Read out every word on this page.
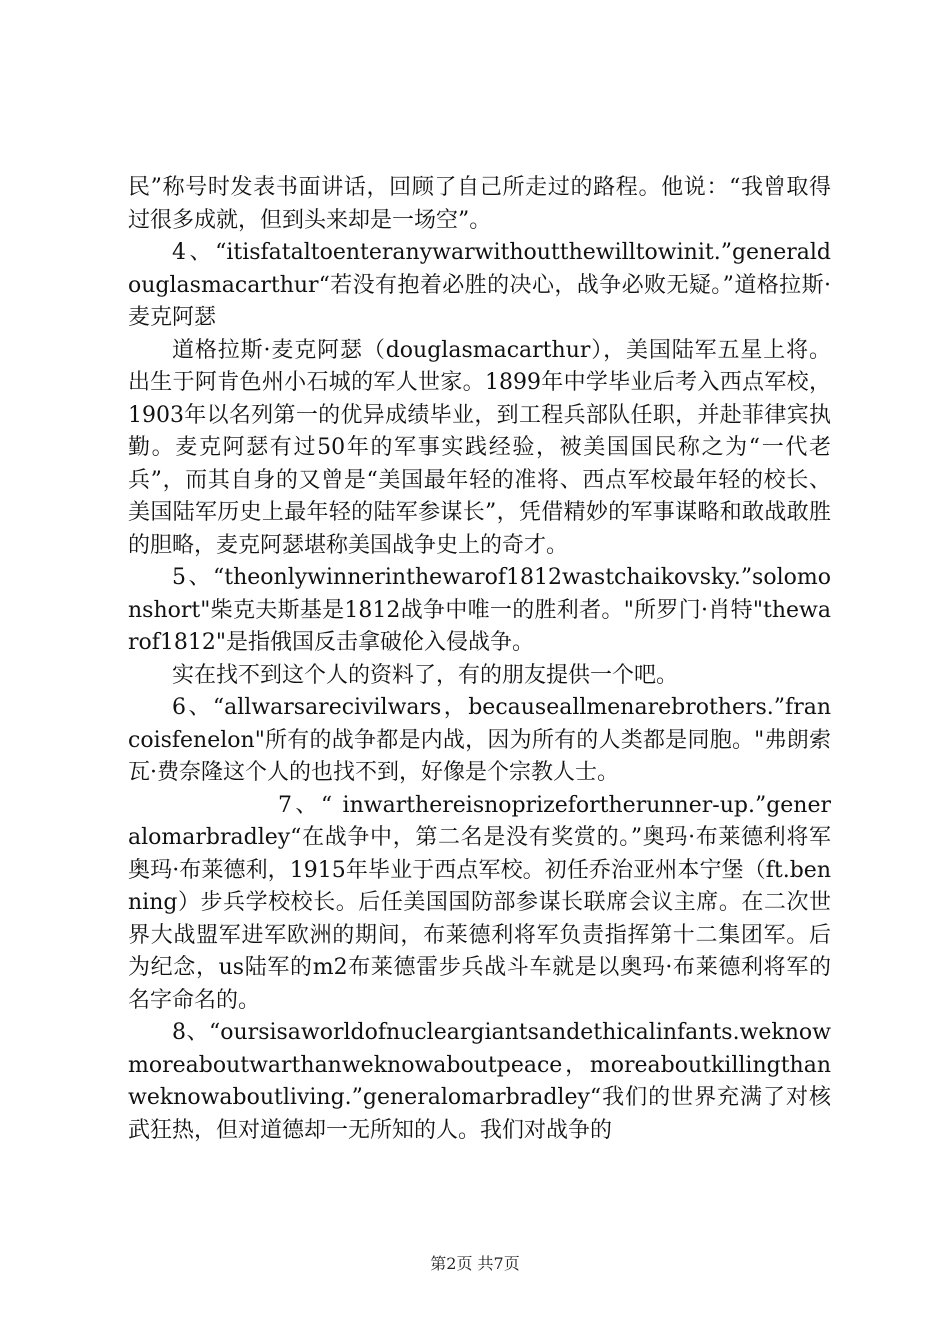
民”称号时发表书面讲话，回顾了自己所走过的路程。他说：“我曾取得过很多成就，但到头来却是一场空”。

4、“itisfataltoenteranywarwithoutthewilltowinit.”generaldouglasmacarthur“若没有抱着必胜的决心，战争必败无疑。”道格拉斯·麦克阿瑟

道格拉斯·麦克阿瑟（douglasmacarthur），美国陆军五星上将。出生于阿肯色州小石城的军人世家。1899年中学毕业后考入西点军校，1903年以名列第一的优异成绩毕业，到工程兵部队任职，并赴菲律宾执勤。麦克阿瑟有过50年的军事实践经验，被美国国民称之为“一代老兵”，而其自身的又曾是“美国最年轻的准将、西点军校最年轻的校长、美国陆军历史上最年轻的陆军参谋长”，凭借精妙的军事谋略和敢战敢胜的胆略，麦克阿瑟堪称美国战争史上的奇才。

5、“theonlywinnerinthewarof1812wastchaikovsky.”solomonshort"柴克夫斯基是1812战争中唯一的胜利者。"所罗门·肖特"thewarof1812"是指俄国反击拿破伦入侵战争。

实在找不到这个人的资料了，有的朋友提供一个吧。

6、“allwarsarecivilwars，becauseallmenarebrothers.”francoisfenelon"所有的战争都是内战，因为所有的人类都是同胞。"弗朗索瓦·费奈隆这个人的也找不到，好像是个宗教人士。

7、“ inwarthereisnoprizefortherunner-up.”generalomarbradley“在战争中，第二名是没有奖赏的。”奥玛·布莱德利将军奥玛·布莱德利，1915年毕业于西点军校。初任乔治亚州本宁堡（ft.benning）步兵学校校长。后任美国国防部参谋长联席会议主席。在二次世界大战盟军进军欧洲的期间，布莱德利将军负责指挥第十二集团军。后为纪念，us陆军的m2布莱德雷步兵战斗车就是以奥玛·布莱德利将军的名字命名的。

8、“oursisaworldofnucleargiantsandethicalinfants.weknowmoreaboutwarthanweknowaboutpeace，moreaboutkillingthanweknowaboutliving.”generalomarbradley“我们的世界充满了对核武狂热，但对道德却一无所知的人。我们对战争的

第2页 共7页
